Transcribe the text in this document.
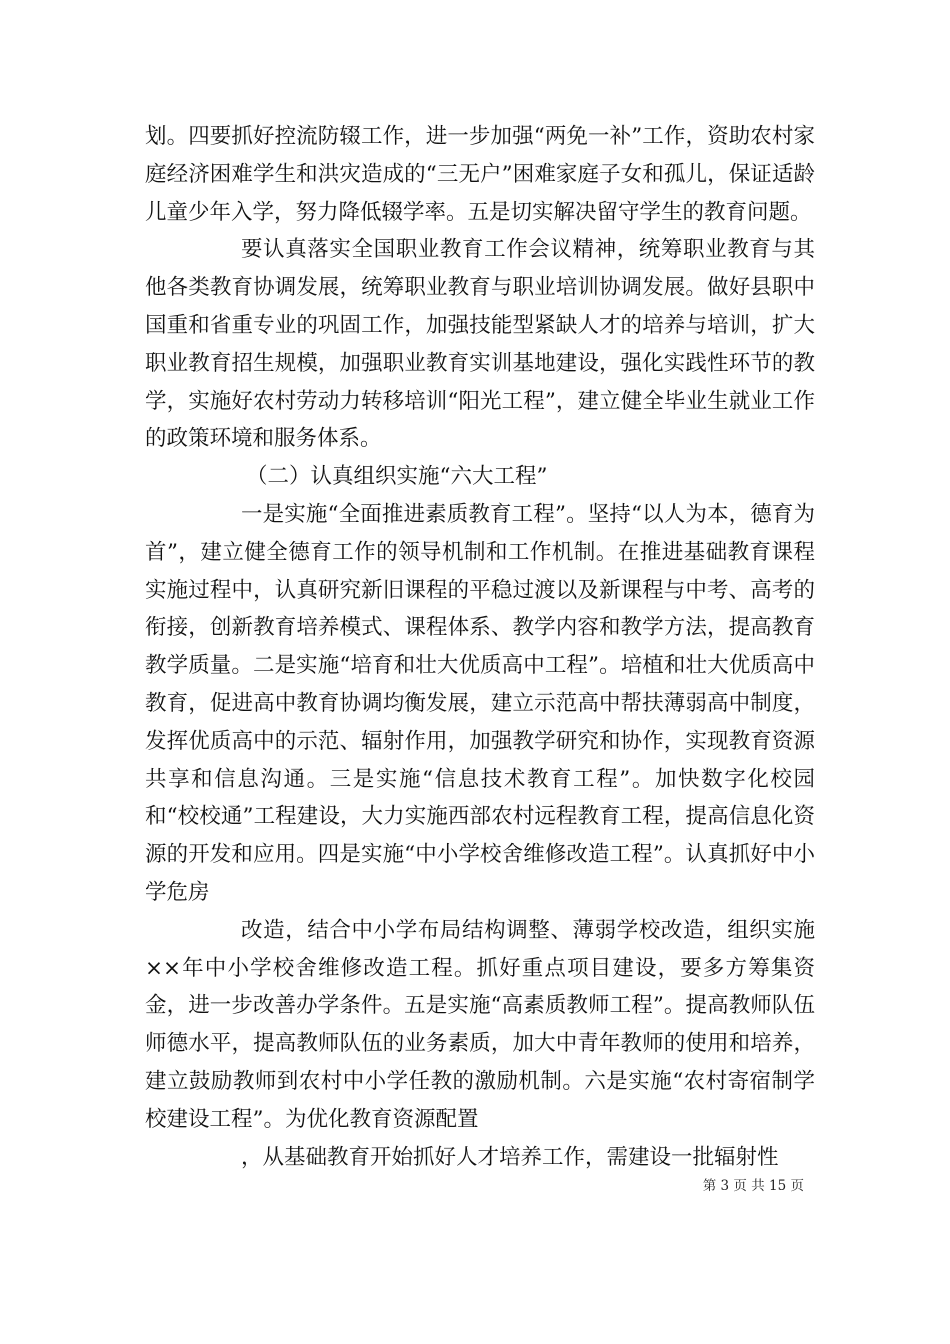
划。四要抓好控流防辍工作，进一步加强“两免一补”工作，资助农村家庭经济困难学生和洪灾造成的“三无户”困难家庭子女和孤儿，保证适龄儿童少年入学，努力降低辍学率。五是切实解决留守学生的教育问题。

要认真落实全国职业教育工作会议精神，统筹职业教育与其他各类教育协调发展，统筹职业教育与职业培训协调发展。做好县职中国重和省重专业的巩固工作，加强技能型紧缺人才的培养与培训，扩大职业教育招生规模，加强职业教育实训基地建设，强化实践性环节的教学，实施好农村劳动力转移培训“阳光工程”，建立健全毕业生就业工作的政策环境和服务体系。

（二）认真组织实施“六大工程”

一是实施“全面推进素质教育工程”。坚持“以人为本，德育为首”，建立健全德育工作的领导机制和工作机制。在推进基础教育课程实施过程中，认真研究新旧课程的平稳过渡以及新课程与中考、高考的衔接，创新教育培养模式、课程体系、教学内容和教学方法，提高教育教学质量。二是实施“培育和壮大优质高中工程”。培植和壮大优质高中教育，促进高中教育协调均衡发展，建立示范高中帮扶薄弱高中制度，发挥优质高中的示范、辐射作用，加强教学研究和协作，实现教育资源共享和信息沟通。三是实施“信息技术教育工程”。加快数字化校园和“校校通”工程建设，大力实施西部农村远程教育工程，提高信息化资源的开发和应用。四是实施“中小学校舍维修改造工程”。认真抓好中小学危房

改造，结合中小学布局结构调整、薄弱学校改造，组织实施××年中小学校舍维修改造工程。抓好重点项目建设，要多方筹集资金，进一步改善办学条件。五是实施“高素质教师工程”。提高教师队伍师德水平，提高教师队伍的业务素质，加大中青年教师的使用和培养，建立鼓励教师到农村中小学任教的激励机制。六是实施“农村寄宿制学校建设工程”。为优化教育资源配置

，从基础教育开始抓好人才培养工作，需建设一批辐射性

第 3 页 共 15 页
